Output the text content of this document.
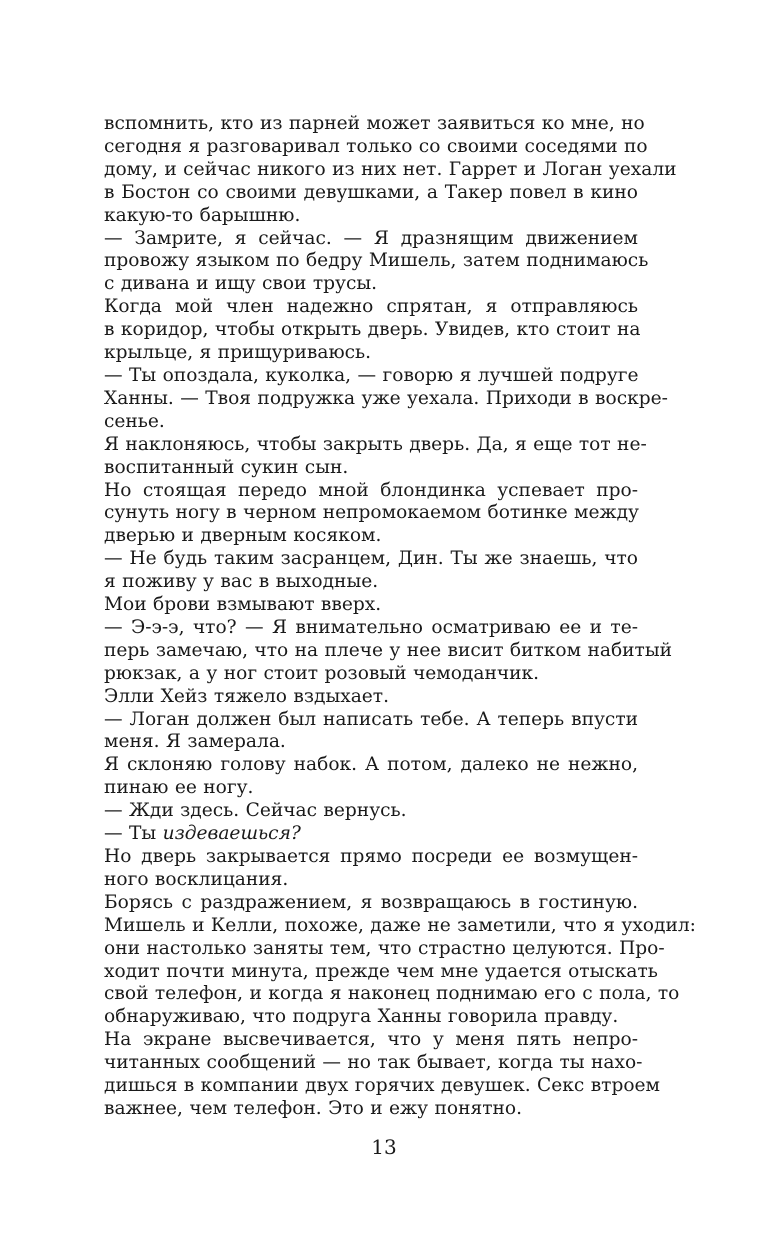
вспомнить, кто из парней может заявиться ко мне, но
сегодня я разговаривал только со своими соседями по
дому, и сейчас никого из них нет. Гаррет и Логан уехали
в Бостон со своими девушками, а Такер повел в кино
какую-то барышню.
— Замрите, я сейчас. — Я дразнящим движением
провожу языком по бедру Мишель, затем поднимаюсь
с дивана и ищу свои трусы.
Когда мой член надежно спрятан, я отправляюсь
в коридор, чтобы открыть дверь. Увидев, кто стоит на
крыльце, я прищуриваюсь.
— Ты опоздала, куколка, — говорю я лучшей подруге
Ханны. — Твоя подружка уже уехала. Приходи в воскре-
сенье.
Я наклоняюсь, чтобы закрыть дверь. Да, я еще тот не-
воспитанный сукин сын.
Но стоящая передо мной блондинка успевает про-
сунуть ногу в черном непромокаемом ботинке между
дверью и дверным косяком.
— Не будь таким засранцем, Дин. Ты же знаешь, что
я поживу у вас в выходные.
Мои брови взмывают вверх.
— Э-э-э, что? — Я внимательно осматриваю ее и те-
перь замечаю, что на плече у нее висит битком набитый
рюкзак, а у ног стоит розовый чемоданчик.
Элли Хейз тяжело вздыхает.
— Логан должен был написать тебе. А теперь впусти
меня. Я замерала.
Я склоняю голову набок. А потом, далеко не нежно,
пинаю ее ногу.
— Жди здесь. Сейчас вернусь.
— Ты издеваешься?
Но дверь закрывается прямо посреди ее возмущен-
ного восклицания.
Борясь с раздражением, я возвращаюсь в гостиную.
Мишель и Келли, похоже, даже не заметили, что я уходил:
они настолько заняты тем, что страстно целуются. Про-
ходит почти минута, прежде чем мне удается отыскать
свой телефон, и когда я наконец поднимаю его с пола, то
обнаруживаю, что подруга Ханны говорила правду.
На экране высвечивается, что у меня пять непро-
читанных сообщений — но так бывает, когда ты нахо-
дишься в компании двух горячих девушек. Секс втроем
важнее, чем телефон. Это и ежу понятно.
13
